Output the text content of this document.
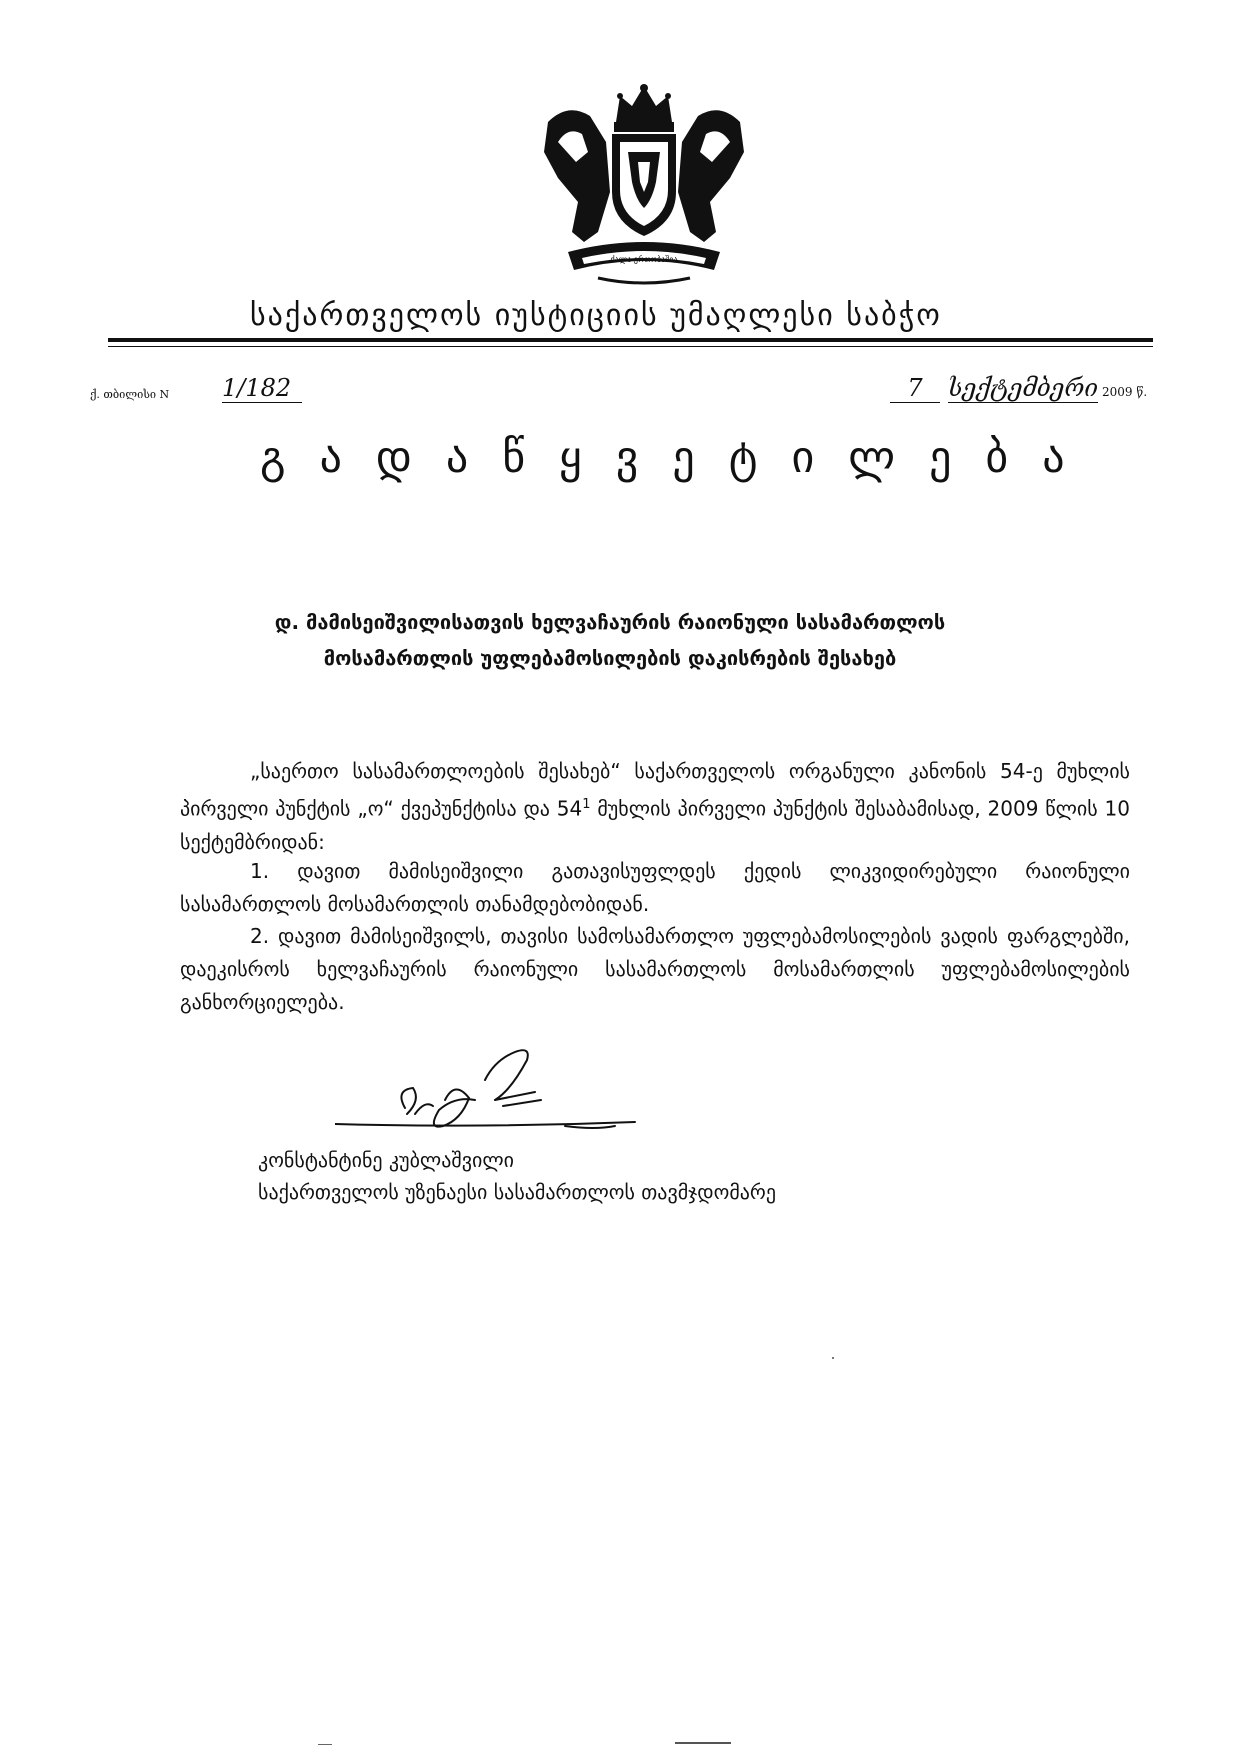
ძალა ერთობაშია
საქართველოს იუსტიციის უმაღლესი საბჭო
ქ. თბილისი N 1/182	7 სექტემბერი 2009 წ.
გადაწყვეტილება
დ. მამისეიშვილისათვის ხელვაჩაურის რაიონული სასამართლოს
მოსამართლის უფლებამოსილების დაკისრების შესახებ

„საერთო სასამართლოების შესახებ“ საქართველოს ორგანული კანონის 54-ე მუხლის პირველი პუნქტის „ო“ ქვეპუნქტისა და $54^1$ მუხლის პირველი პუნქტის შესაბამისად, 2009 წლის 10 სექტემბრიდან:

1. დავით მამისეიშვილი გათავისუფლდეს ქედის ლიკვიდირებული რაიონული სასამართლოს მოსამართლის თანამდებობიდან.

2. დავით მამისეიშვილს, თავისი სამოსამართლო უფლებამოსილების ვადის ფარგლებში, დაეკისროს ხელვაჩაურის რაიონული სასამართლოს მოსამართლის უფლებამოსილების განხორციელება.

კონსტანტინე კუბლაშვილი
საქართველოს უზენაესი სასამართლოს თავმჯდომარე
